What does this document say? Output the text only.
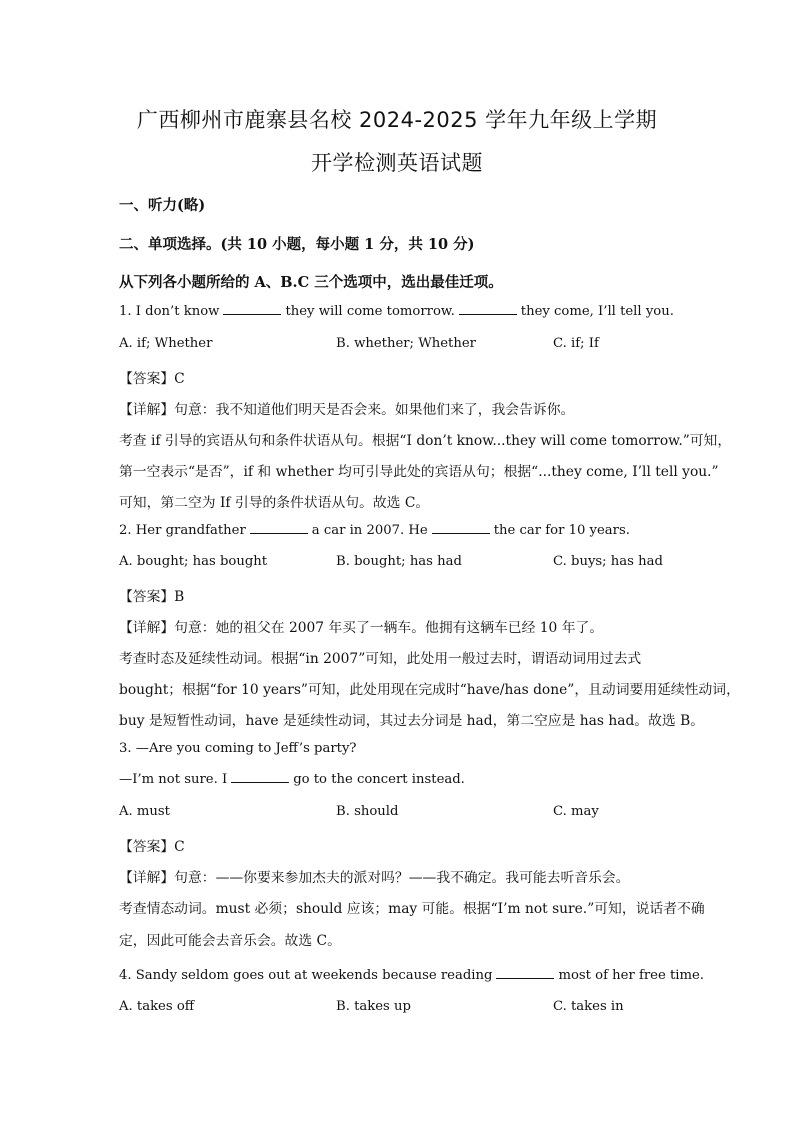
广西柳州市鹿寨县名校 2024-2025 学年九年级上学期
开学检测英语试题
一、听力(略)
二、单项选择。(共 10 小题，每小题 1 分，共 10 分)
从下列各小题所给的 A、B.C 三个选项中，选出最佳迁项。
1. I don’t know	they will come tomorrow.	they come, I’ll tell you.
A. if; Whether	B. whether; Whether	C. if; If
【答案】C
【详解】句意：我不知道他们明天是否会来。如果他们来了，我会告诉你。
考查 if 引导的宾语从句和条件状语从句。根据“I don’t know...they will come tomorrow.”可知，
第一空表示“是否”，if 和 whether 均可引导此处的宾语从句；根据“...they come, I’ll tell you.”
可知，第二空为 If 引导的条件状语从句。故选 C。
2. Her grandfather	a car in 2007. He	the car for 10 years.
A. bought; has bought	B. bought; has had	C. buys; has had
【答案】B
【详解】句意：她的祖父在 2007 年买了一辆车。他拥有这辆车已经 10 年了。
考查时态及延续性动词。根据“in 2007”可知，此处用一般过去时，谓语动词用过去式
bought；根据“for 10 years”可知，此处用现在完成时“have/has done”，且动词要用延续性动词，
buy 是短暂性动词，have 是延续性动词，其过去分词是 had，第二空应是 has had。故选 B。
3. —Are you coming to Jeff’s party?
—I’m not sure. I	go to the concert instead.
A. must	B. should	C. may
【答案】C
【详解】句意：——你要来参加杰夫的派对吗？——我不确定。我可能去听音乐会。
考查情态动词。must 必须；should 应该；may 可能。根据“I’m not sure.”可知，说话者不确
定，因此可能会去音乐会。故选 C。
4. Sandy seldom goes out at weekends because reading	most of her free time.
A. takes off	B. takes up	C. takes in
